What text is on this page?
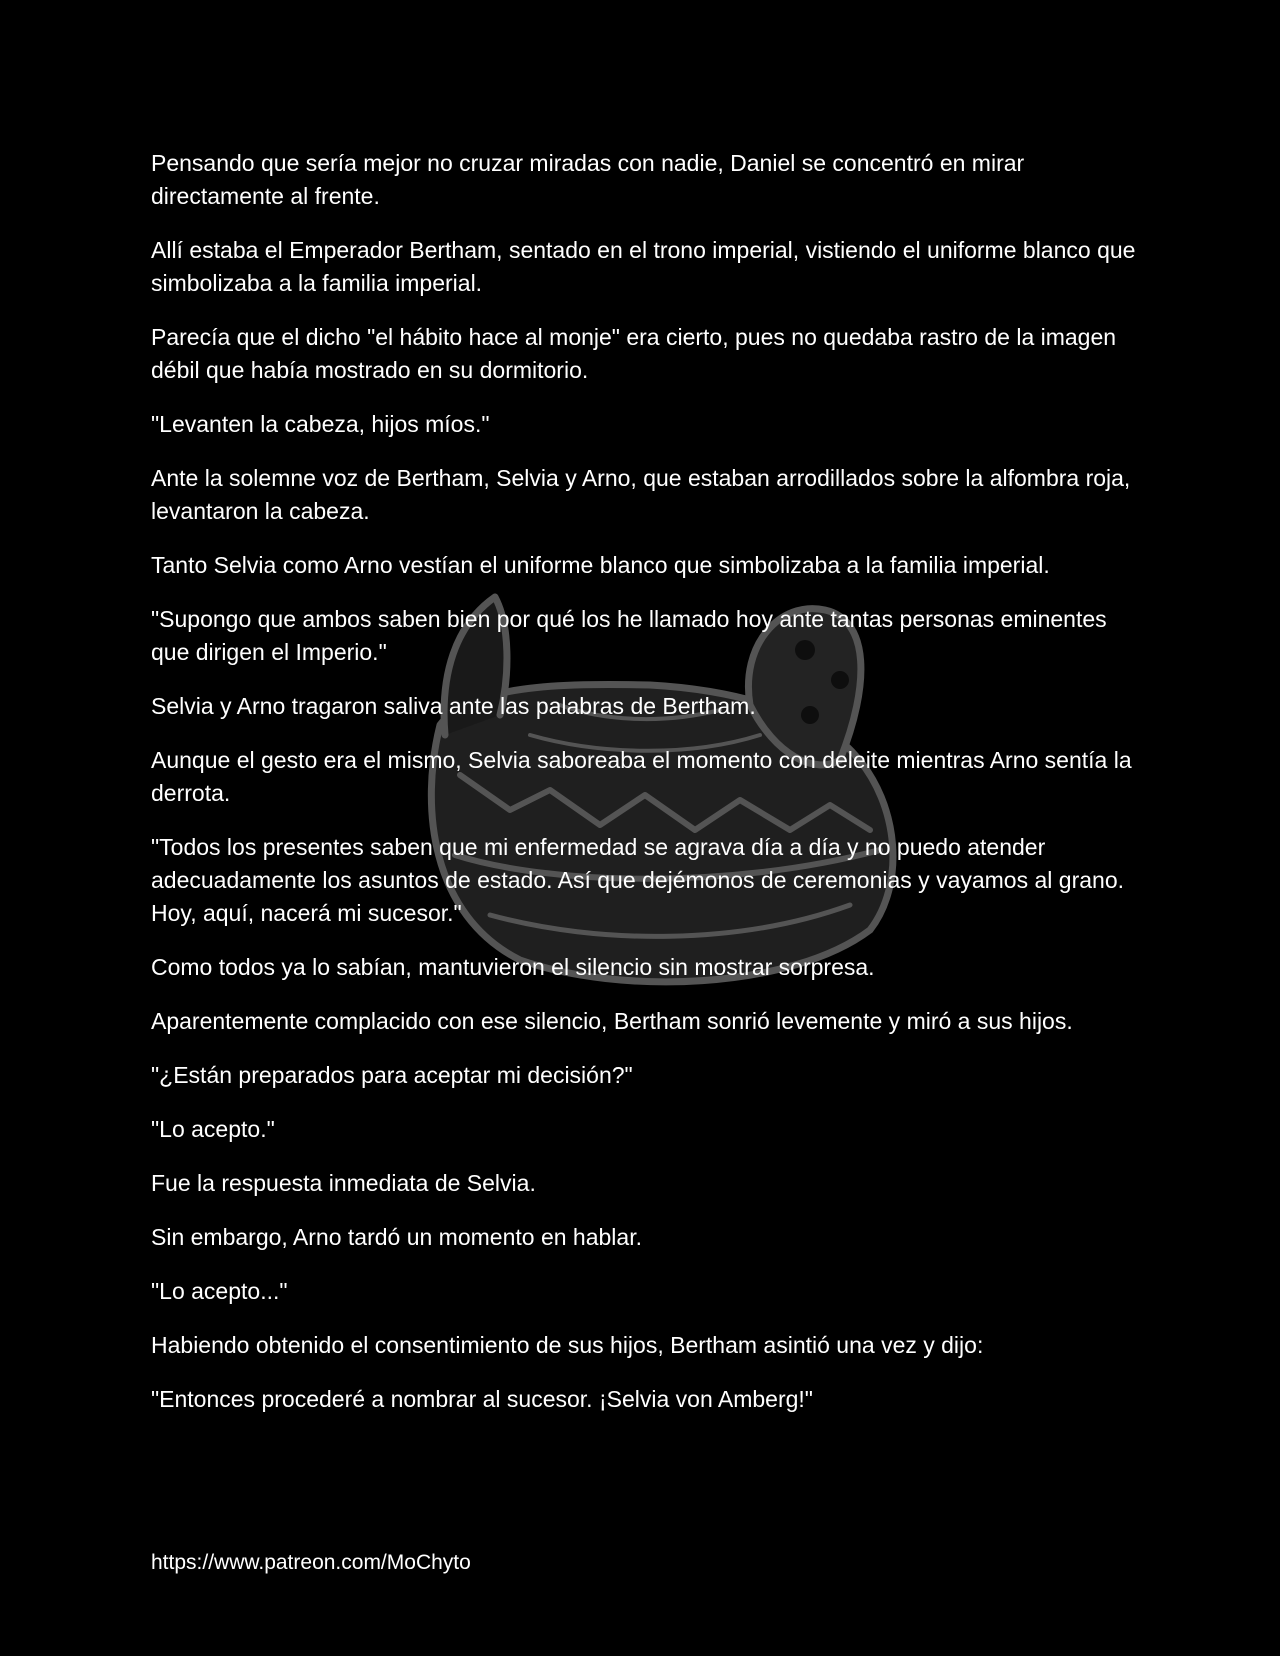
Pensando que sería mejor no cruzar miradas con nadie, Daniel se concentró en mirar directamente al frente.

Allí estaba el Emperador Bertham, sentado en el trono imperial, vistiendo el uniforme blanco que simbolizaba a la familia imperial.

Parecía que el dicho "el hábito hace al monje" era cierto, pues no quedaba rastro de la imagen débil que había mostrado en su dormitorio.

"Levanten la cabeza, hijos míos."

Ante la solemne voz de Bertham, Selvia y Arno, que estaban arrodillados sobre la alfombra roja, levantaron la cabeza.

Tanto Selvia como Arno vestían el uniforme blanco que simbolizaba a la familia imperial.

"Supongo que ambos saben bien por qué los he llamado hoy ante tantas personas eminentes que dirigen el Imperio."

Selvia y Arno tragaron saliva ante las palabras de Bertham.

Aunque el gesto era el mismo, Selvia saboreaba el momento con deleite mientras Arno sentía la derrota.

"Todos los presentes saben que mi enfermedad se agrava día a día y no puedo atender adecuadamente los asuntos de estado. Así que dejémonos de ceremonias y vayamos al grano. Hoy, aquí, nacerá mi sucesor."

Como todos ya lo sabían, mantuvieron el silencio sin mostrar sorpresa.

Aparentemente complacido con ese silencio, Bertham sonrió levemente y miró a sus hijos.

"¿Están preparados para aceptar mi decisión?"

"Lo acepto."

Fue la respuesta inmediata de Selvia.

Sin embargo, Arno tardó un momento en hablar.

"Lo acepto..."

Habiendo obtenido el consentimiento de sus hijos, Bertham asintió una vez y dijo:

"Entonces procederé a nombrar al sucesor. ¡Selvia von Amberg!"

https://www.patreon.com/MoChyto
